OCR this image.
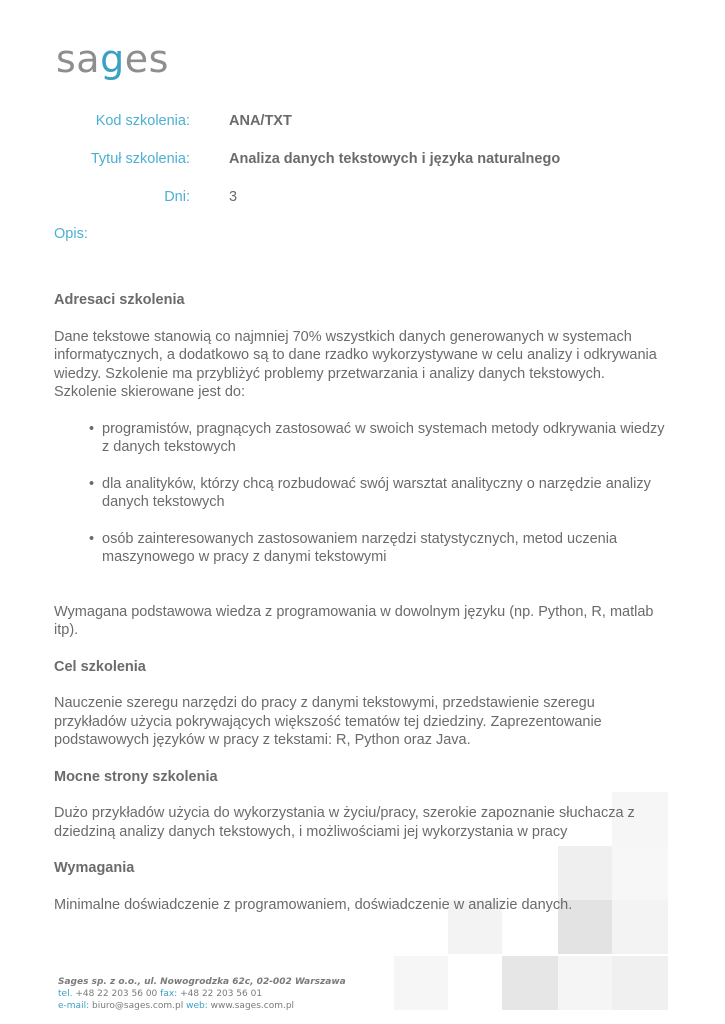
sages
Kod szkolenia:	ANA/TXT
Tytuł szkolenia:	Analiza danych tekstowych i języka naturalnego
Dni:	3
Opis:
Adresaci szkolenia

Dane tekstowe stanowią co najmniej 70% wszystkich danych generowanych w systemach informatycznych, a dodatkowo są to dane rzadko wykorzystywane w celu analizy i odkrywania wiedzy. Szkolenie ma przybliżyć problemy przetwarzania i analizy danych tekstowych. Szkolenie skierowane jest do:

• programistów, pragnących zastosować w swoich systemach metody odkrywania wiedzy z danych tekstowych
• dla analityków, którzy chcą rozbudować swój warsztat analityczny o narzędzie analizy danych tekstowych
• osób zainteresowanych zastosowaniem narzędzi statystycznych, metod uczenia maszynowego w pracy z danymi tekstowymi

Wymagana podstawowa wiedza z programowania w dowolnym języku (np. Python, R, matlab itp).

Cel szkolenia

Nauczenie szeregu narzędzi do pracy z danymi tekstowymi, przedstawienie szeregu przykładów użycia pokrywających większość tematów tej dziedziny. Zaprezentowanie podstawowych języków w pracy z tekstami: R, Python oraz Java.

Mocne strony szkolenia

Dużo przykładów użycia do wykorzystania w życiu/pracy, szerokie zapoznanie słuchacza z dziedziną analizy danych tekstowych, i możliwościami jej wykorzystania w pracy

Wymagania

Minimalne doświadczenie z programowaniem, doświadczenie w analizie danych.

Sages sp. z o.o., ul. Nowogrodzka 62c, 02-002 Warszawa
tel. +48 22 203 56 00 fax: +48 22 203 56 01
e-mail: biuro@sages.com.pl web: www.sages.com.pl
